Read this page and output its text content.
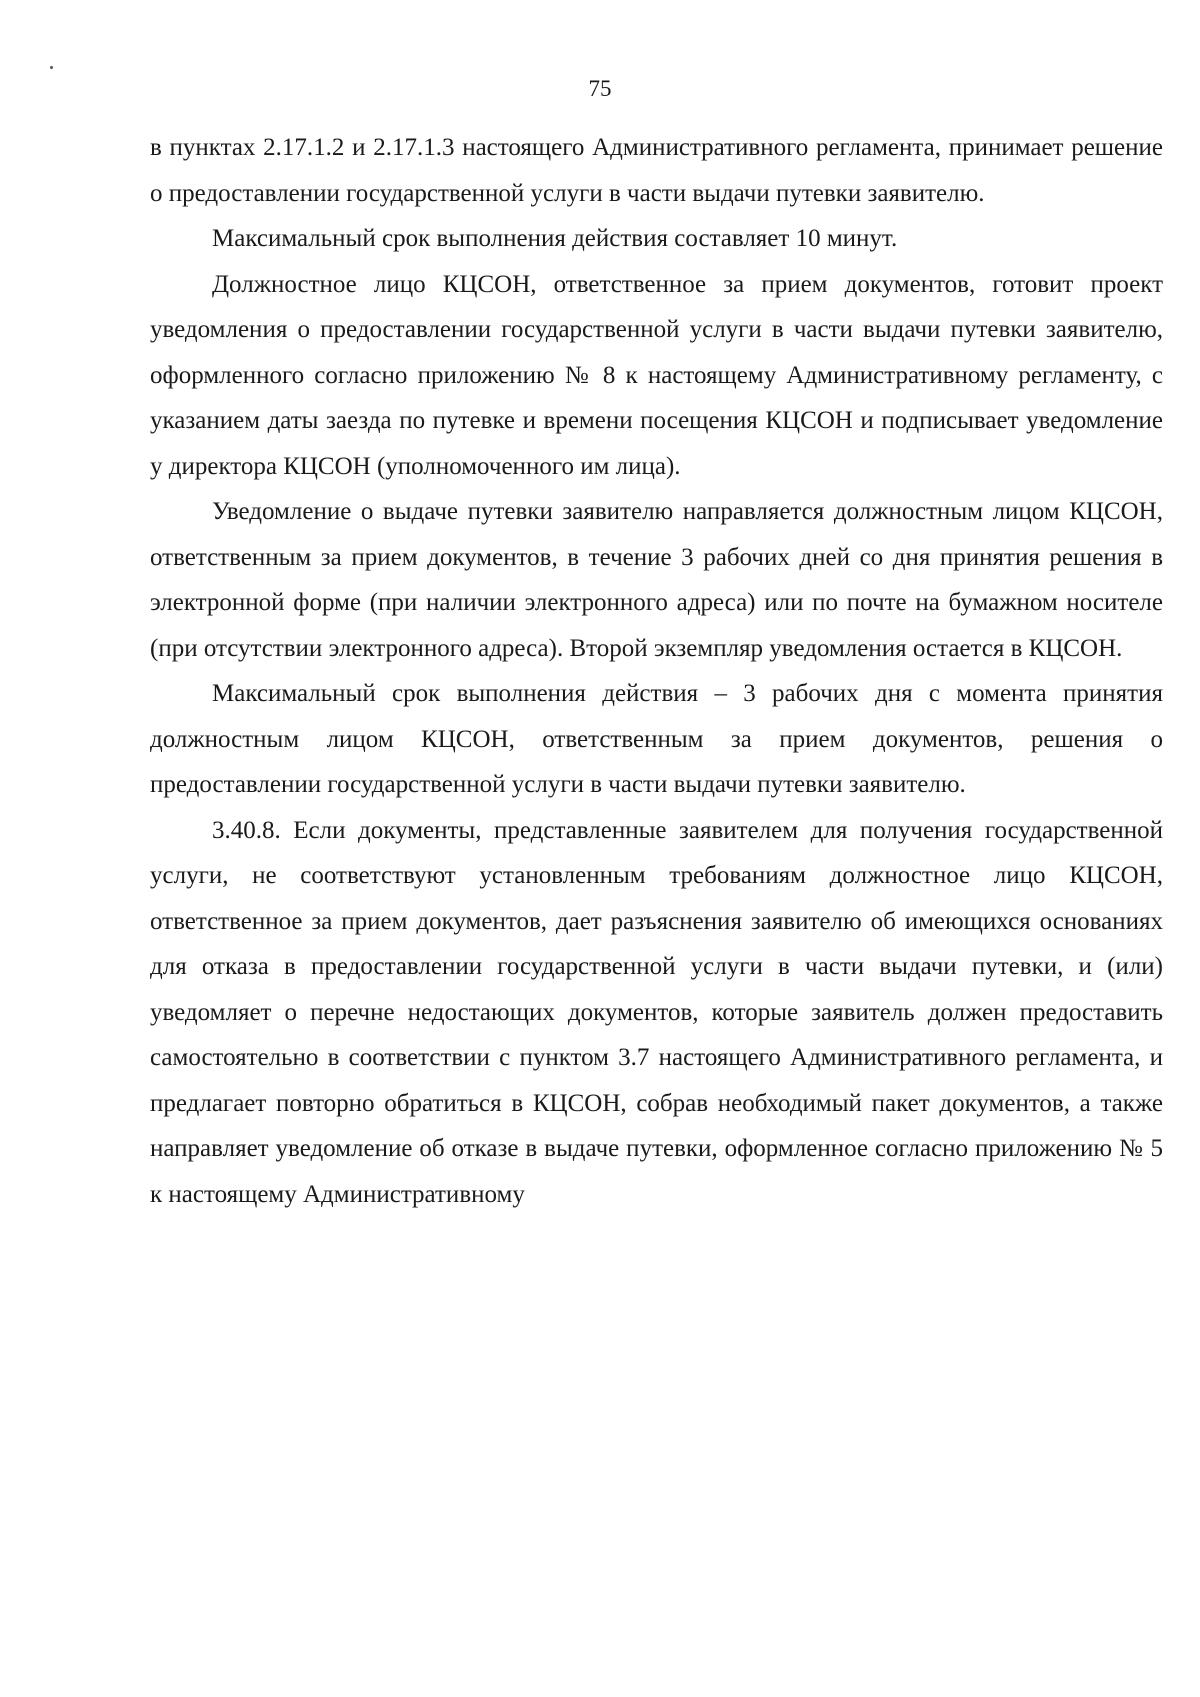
75

в пунктах 2.17.1.2 и 2.17.1.3 настоящего Административного регламента, принимает решение о предоставлении государственной услуги в части выдачи путевки заявителю.

Максимальный срок выполнения действия составляет 10 минут.

Должностное лицо КЦСОН, ответственное за прием документов, готовит проект уведомления о предоставлении государственной услуги в части выдачи путевки заявителю, оформленного согласно приложению № 8 к настоящему Административному регламенту, с указанием даты заезда по путевке и времени посещения КЦСОН и подписывает уведомление у директора КЦСОН (уполномоченного им лица).

Уведомление о выдаче путевки заявителю направляется должностным лицом КЦСОН, ответственным за прием документов, в течение 3 рабочих дней со дня принятия решения в электронной форме (при наличии электронного адреса) или по почте на бумажном носителе (при отсутствии электронного адреса). Второй экземпляр уведомления остается в КЦСОН.

Максимальный срок выполнения действия – 3 рабочих дня с момента принятия должностным лицом КЦСОН, ответственным за прием документов, решения о предоставлении государственной услуги в части выдачи путевки заявителю.

3.40.8. Если документы, представленные заявителем для получения государственной услуги, не соответствуют установленным требованиям должностное лицо КЦСОН, ответственное за прием документов, дает разъяснения заявителю об имеющихся основаниях для отказа в предоставлении государственной услуги в части выдачи путевки, и (или) уведомляет о перечне недостающих документов, которые заявитель должен предоставить самостоятельно в соответствии с пунктом 3.7 настоящего Административного регламента, и предлагает повторно обратиться в КЦСОН, собрав необходимый пакет документов, а также направляет уведомление об отказе в выдаче путевки, оформленное согласно приложению № 5 к настоящему Административному
